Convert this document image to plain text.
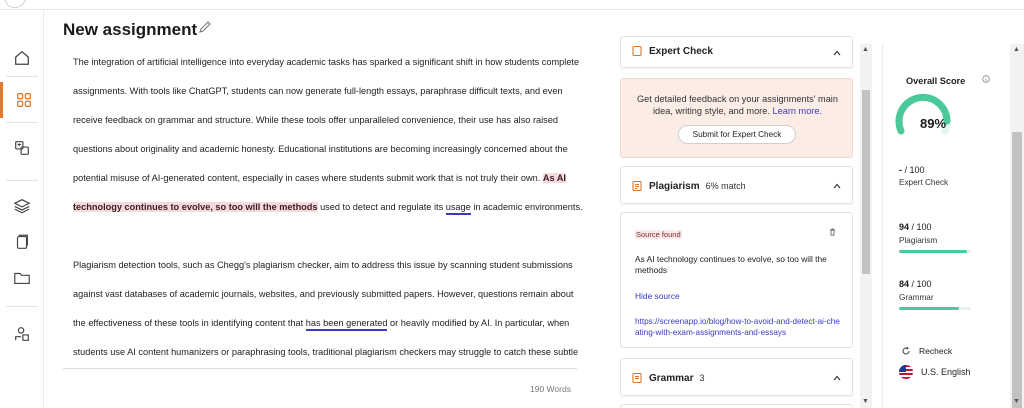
New assignment

The integration of artificial intelligence into everyday academic tasks has sparked a significant shift in how students complete assignments. With tools like ChatGPT, students can now generate full-length essays, paraphrase difficult texts, and even receive feedback on grammar and structure. While these tools offer unparalleled convenience, their use has also raised questions about originality and academic honesty. Educational institutions are becoming increasingly concerned about the potential misuse of AI-generated content, especially in cases where students submit work that is not truly their own. As AI technology continues to evolve, so too will the methods used to detect and regulate its usage in academic environments.

Plagiarism detection tools, such as Chegg's plagiarism checker, aim to address this issue by scanning student submissions against vast databases of academic journals, websites, and previously submitted papers. However, questions remain about the effectiveness of these tools in identifying content that has been generated or heavily modified by AI. In particular, when students use AI content humanizers or paraphrasing tools, traditional plagiarism checkers may struggle to catch these subtle

190 Words
Expert Check
Get detailed feedback on your assignments' main idea, writing style, and more. Learn more.
Submit for Expert Check
Plagiarism 6% match
Source found
As AI technology continues to evolve, so too will the methods
Hide source
https://screenapp.io/blog/how-to-avoid-and-detect-ai-cheating-with-exam-assignments-and-essays
Grammar 3
▲
▼
Overall Score
89%
- / 100
Expert Check
94 / 100
Plagiarism
84 / 100
Grammar
Recheck
U.S. English
▲
▼
